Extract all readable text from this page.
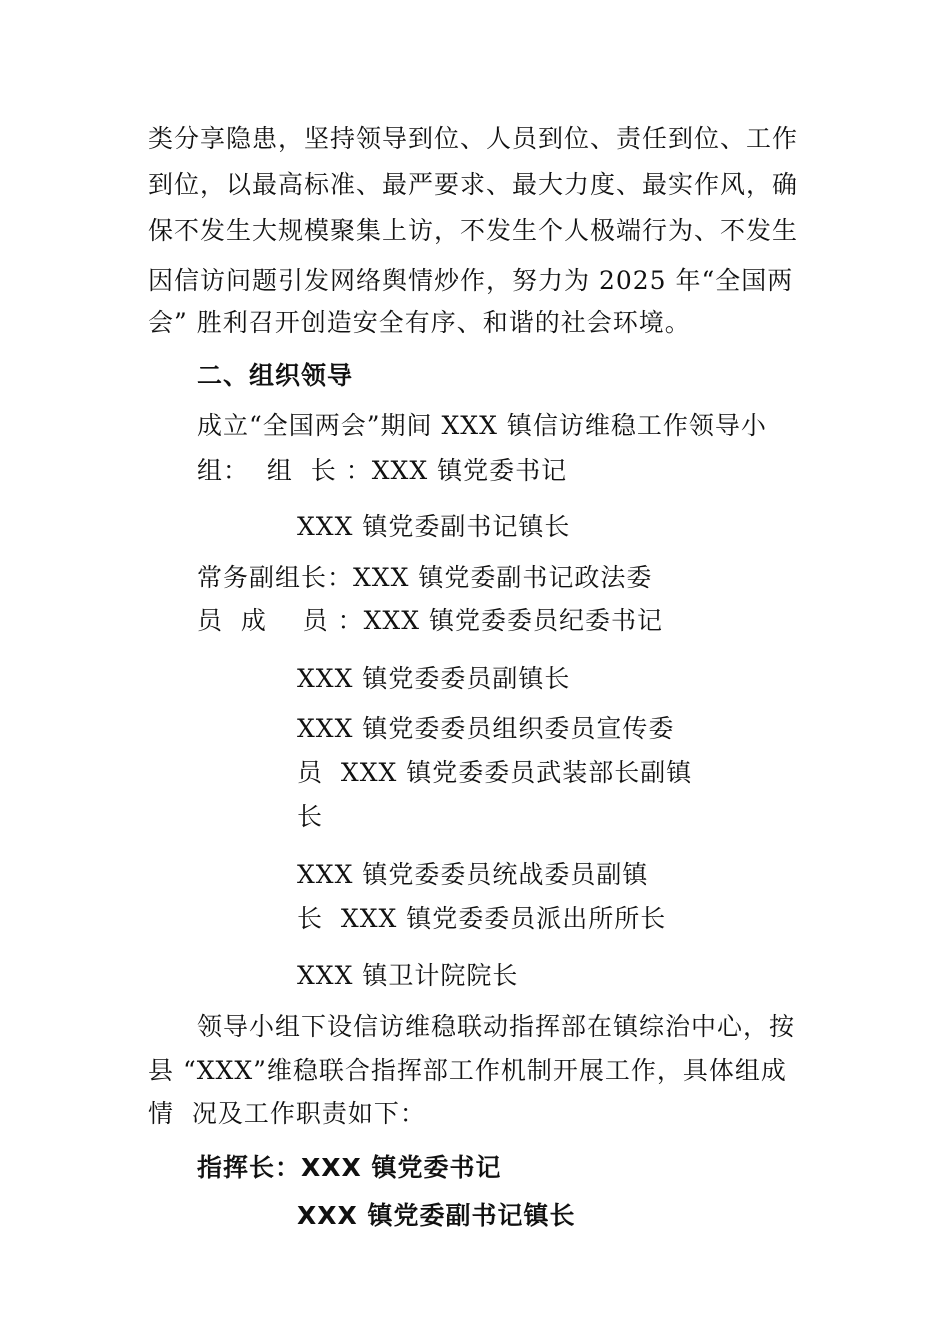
类分享隐患，坚持领导到位、人员到位、责任到位、工作
到位，以最高标准、最严要求、最大力度、最实作风，确
保不发生大规模聚集上访，不发生个人极端行为、不发生
因信访问题引发网络舆情炒作，努力为 2025 年“全国两
会” 胜利召开创造安全有序、和谐的社会环境。
二、组织领导
成立“全国两会”期间 XXX 镇信访维稳工作领导小
组：  组  长 ：XXX 镇党委书记
XXX 镇党委副书记镇长
常务副组长：XXX 镇党委副书记政法委
员  成    员 ：XXX 镇党委委员纪委书记
XXX 镇党委委员副镇长
XXX 镇党委委员组织委员宣传委
员  XXX 镇党委委员武装部长副镇
长
XXX 镇党委委员统战委员副镇
长  XXX 镇党委委员派出所所长
XXX 镇卫计院院长
领导小组下设信访维稳联动指挥部在镇综治中心，按
县 “XXX”维稳联合指挥部工作机制开展工作，具体组成
情  况及工作职责如下：
指挥长：XXX 镇党委书记
XXX 镇党委副书记镇长
